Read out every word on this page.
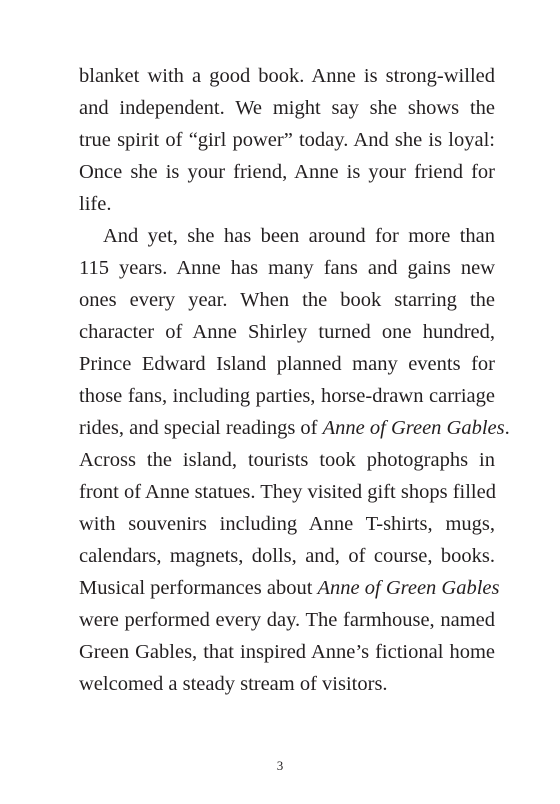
blanket with a good book. Anne is strong-willed
and independent. We might say she shows the
true spirit of “girl power” today. And she is loyal:
Once she is your friend, Anne is your friend for
life.
And yet, she has been around for more than
115 years. Anne has many fans and gains new
ones every year. When the book starring the
character of Anne Shirley turned one hundred,
Prince Edward Island planned many events for
those fans, including parties, horse-drawn carriage
rides, and special readings of Anne of Green Gables.
Across the island, tourists took photographs in
front of Anne statues. They visited gift shops filled
with souvenirs including Anne T-shirts, mugs,
calendars, magnets, dolls, and, of course, books.
Musical performances about Anne of Green Gables
were performed every day. The farmhouse, named
Green Gables, that inspired Anne’s fictional home
welcomed a steady stream of visitors.
3
